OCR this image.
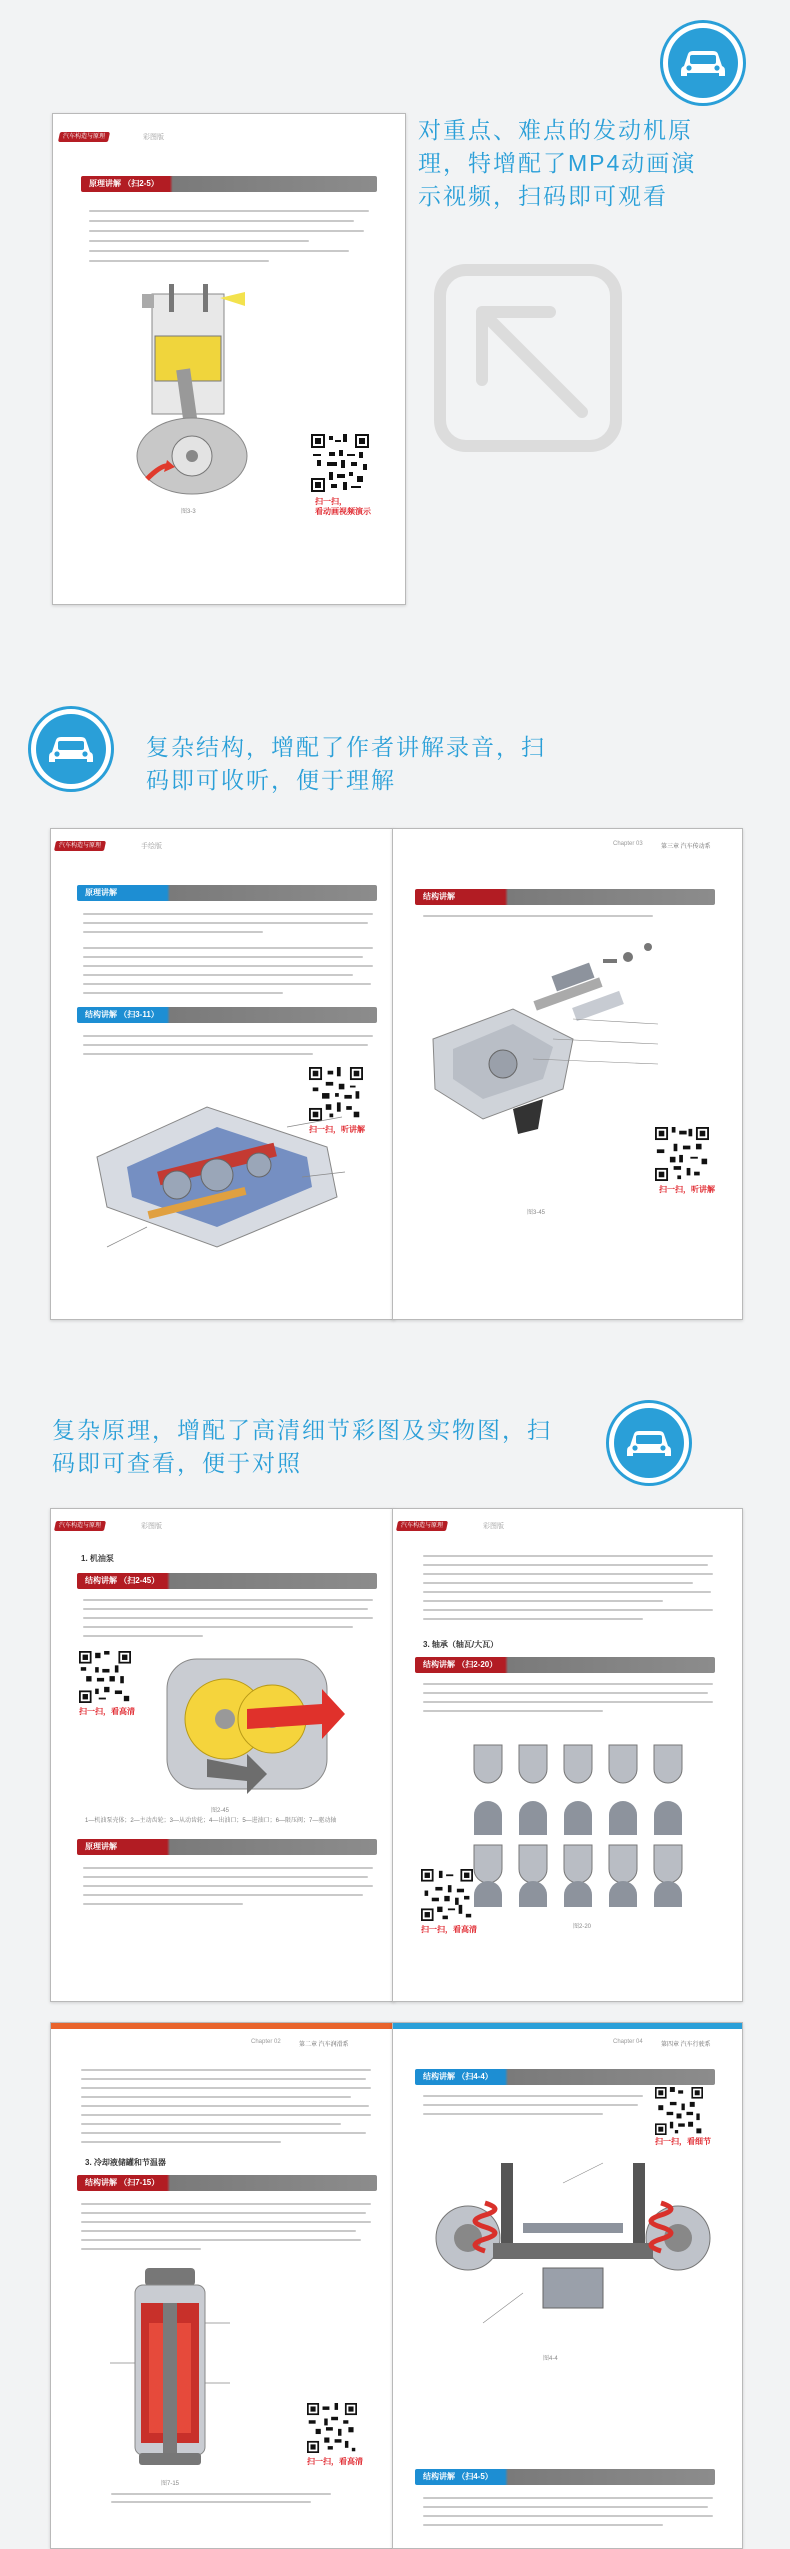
汽车构造与原理	彩图版
原理讲解 （扫2-5）
图3-3
扫一扫，
看动画视频演示

对重点、难点的发动机原理，特增配了MP4动画演示视频，扫码即可观看

复杂结构，增配了作者讲解录音，扫码即可收听，便于理解

汽车构造与原理	手绘版
原理讲解
结构讲解 （扫3-11）
扫一扫，听讲解
Chapter 03	第三章 汽车传动系
结构讲解
扫一扫，听讲解
图3-45

复杂原理，增配了高清细节彩图及实物图，扫码即可查看，便于对照

汽车构造与原理	彩图版
1. 机油泵
结构讲解 （扫2-45）
扫一扫，看高清
图2-45
1—机油泵壳体；2—主动齿轮；3—从动齿轮；4—出油口；5—进油口；6—限压阀；7—驱动轴
原理讲解
汽车构造与原理	彩图版
3. 轴承（轴瓦/大瓦）
结构讲解 （扫2-20）
扫一扫，看高清	图2-20
Chapter 02	第二章 汽车润滑系
3. 冷却液储罐和节温器
结构讲解 （扫7-15）
扫一扫，看高清
图7-15
Chapter 04	第四章 汽车行驶系
结构讲解 （扫4-4）
扫一扫，看细节
图4-4
结构讲解 （扫4-5）
